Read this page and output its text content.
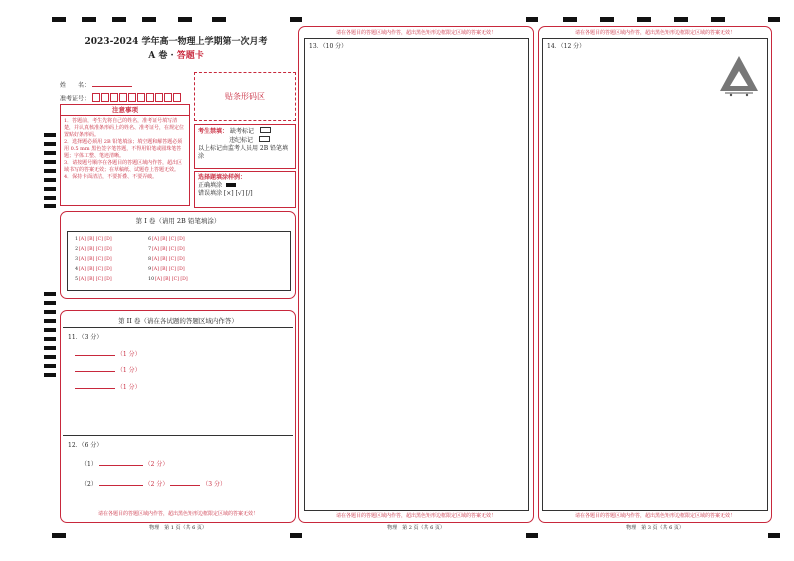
2023-2024 学年高一物理上学期第一次月考
A 卷 · 答题卡
姓　　名：
准考证号：	贴条形码区
注意事项
1．答题前，考生先将自己的姓名，准考证号填写清楚，并认真核准条形码上的姓名、准考证号，在规定位置贴好条形码。
2．选择题必须用 2B 铅笔填涂；填空题和解答题必须用 0.5 mm 黑色签字笔答题，不得用铅笔或圆珠笔答题；字体工整、笔迹清晰。
3．请按题号顺序在各题目的答题区域内作答，超出区域书写的答案无效；在草稿纸、试题卷上答题无效。
4．保持卡面清洁，不要折叠、不要弄破。
考生禁填： 缺考标记
违纪标记
以上标记由监考人员用 2B 铅笔填涂
选择题填涂样例：
正确填涂
错误填涂 [×] [√] [/]
第 I 卷（请用 2B 铅笔填涂）
1[A] [B] [C] [D]
2[A] [B] [C] [D]
3[A] [B] [C] [D]
4[A] [B] [C] [D]
5[A] [B] [C] [D]
6[A] [B] [C] [D]
7[A] [B] [C] [D]
8[A] [B] [C] [D]
9[A] [B] [C] [D]
10[A] [B] [C] [D]
第 II 卷（请在各试题的答题区域内作答）
11．（3 分）
（1 分）
（1 分）
（1 分）
12．（6 分）
（1）	（2 分）
（2）	（2 分）	（3 分）
请在各题目的答题区域内作答，超出黑色矩形边框限定区域的答案无效！
物理　第 1 页（共 6 页）
请在各题目的答题区域内作答，超出黑色矩形边框限定区域的答案无效！
13．（10 分）
请在各题目的答题区域内作答，超出黑色矩形边框限定区域的答案无效！
物理　第 2 页（共 6 页）
请在各题目的答题区域内作答，超出黑色矩形边框限定区域的答案无效！
14．（12 分）
请在各题目的答题区域内作答，超出黑色矩形边框限定区域的答案无效！
物理　第 3 页（共 6 页）
